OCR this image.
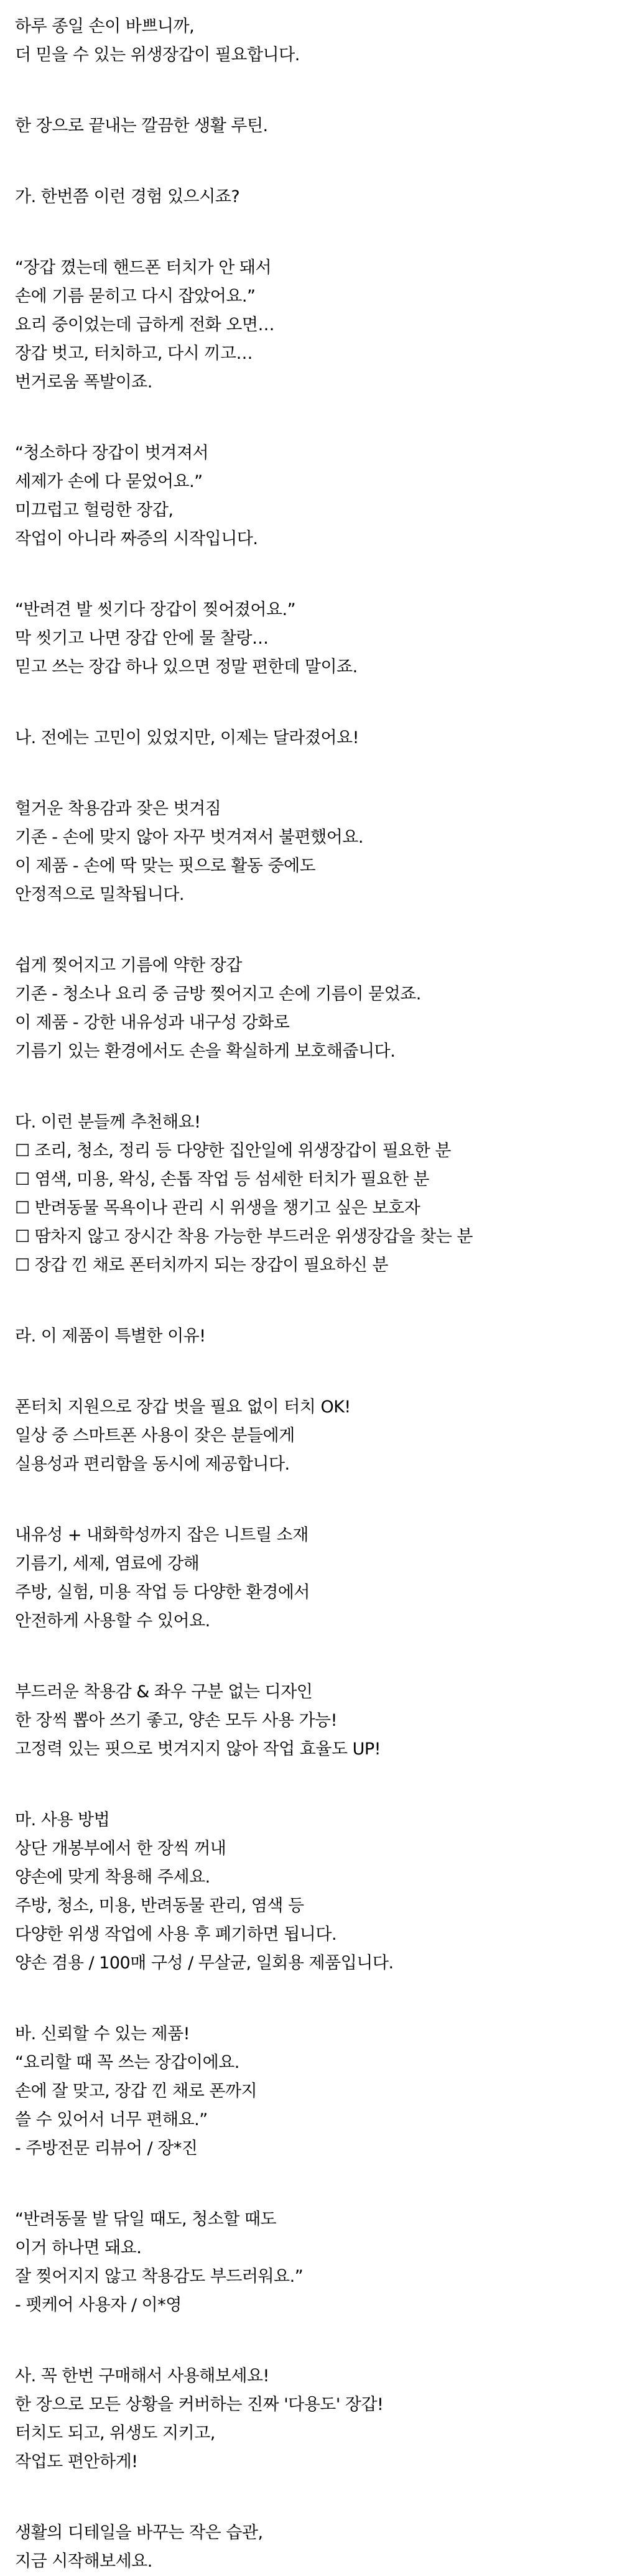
하루 종일 손이 바쁘니까,
더 믿을 수 있는 위생장갑이 필요합니다.
한 장으로 끝내는 깔끔한 생활 루틴.
가. 한번쯤 이런 경험 있으시죠?
“장갑 꼈는데 핸드폰 터치가 안 돼서
손에 기름 묻히고 다시 잡았어요.”
요리 중이었는데 급하게 전화 오면…
장갑 벗고, 터치하고, 다시 끼고…
번거로움 폭발이죠.
“청소하다 장갑이 벗겨져서
세제가 손에 다 묻었어요.”
미끄럽고 헐렁한 장갑,
작업이 아니라 짜증의 시작입니다.
“반려견 발 씻기다 장갑이 찢어졌어요.”
막 씻기고 나면 장갑 안에 물 찰랑…
믿고 쓰는 장갑 하나 있으면 정말 편한데 말이죠.
나. 전에는 고민이 있었지만, 이제는 달라졌어요!
헐거운 착용감과 잦은 벗겨짐
기존 - 손에 맞지 않아 자꾸 벗겨져서 불편했어요.
이 제품 - 손에 딱 맞는 핏으로 활동 중에도
안정적으로 밀착됩니다.
쉽게 찢어지고 기름에 약한 장갑
기존 - 청소나 요리 중 금방 찢어지고 손에 기름이 묻었죠.
이 제품 - 강한 내유성과 내구성 강화로
기름기 있는 환경에서도 손을 확실하게 보호해줍니다.
다. 이런 분들께 추천해요!
☐ 조리, 청소, 정리 등 다양한 집안일에 위생장갑이 필요한 분
☐ 염색, 미용, 왁싱, 손톱 작업 등 섬세한 터치가 필요한 분
☐ 반려동물 목욕이나 관리 시 위생을 챙기고 싶은 보호자
☐ 땀차지 않고 장시간 착용 가능한 부드러운 위생장갑을 찾는 분
☐ 장갑 낀 채로 폰터치까지 되는 장갑이 필요하신 분
라. 이 제품이 특별한 이유!
폰터치 지원으로 장갑 벗을 필요 없이 터치 OK!
일상 중 스마트폰 사용이 잦은 분들에게
실용성과 편리함을 동시에 제공합니다.
내유성 + 내화학성까지 잡은 니트릴 소재
기름기, 세제, 염료에 강해
주방, 실험, 미용 작업 등 다양한 환경에서
안전하게 사용할 수 있어요.
부드러운 착용감 & 좌우 구분 없는 디자인
한 장씩 뽑아 쓰기 좋고, 양손 모두 사용 가능!
고정력 있는 핏으로 벗겨지지 않아 작업 효율도 UP!
마. 사용 방법
상단 개봉부에서 한 장씩 꺼내
양손에 맞게 착용해 주세요.
주방, 청소, 미용, 반려동물 관리, 염색 등
다양한 위생 작업에 사용 후 폐기하면 됩니다.
양손 겸용 / 100매 구성 / 무살균, 일회용 제품입니다.
바. 신뢰할 수 있는 제품!
“요리할 때 꼭 쓰는 장갑이에요.
손에 잘 맞고, 장갑 낀 채로 폰까지
쓸 수 있어서 너무 편해요.”
- 주방전문 리뷰어 / 장*진
“반려동물 발 닦일 때도, 청소할 때도
이거 하나면 돼요.
잘 찢어지지 않고 착용감도 부드러워요.”
- 펫케어 사용자 / 이*영
사. 꼭 한번 구매해서 사용해보세요!
한 장으로 모든 상황을 커버하는 진짜 '다용도' 장갑!
터치도 되고, 위생도 지키고,
작업도 편안하게!
생활의 디테일을 바꾸는 작은 습관,
지금 시작해보세요.
